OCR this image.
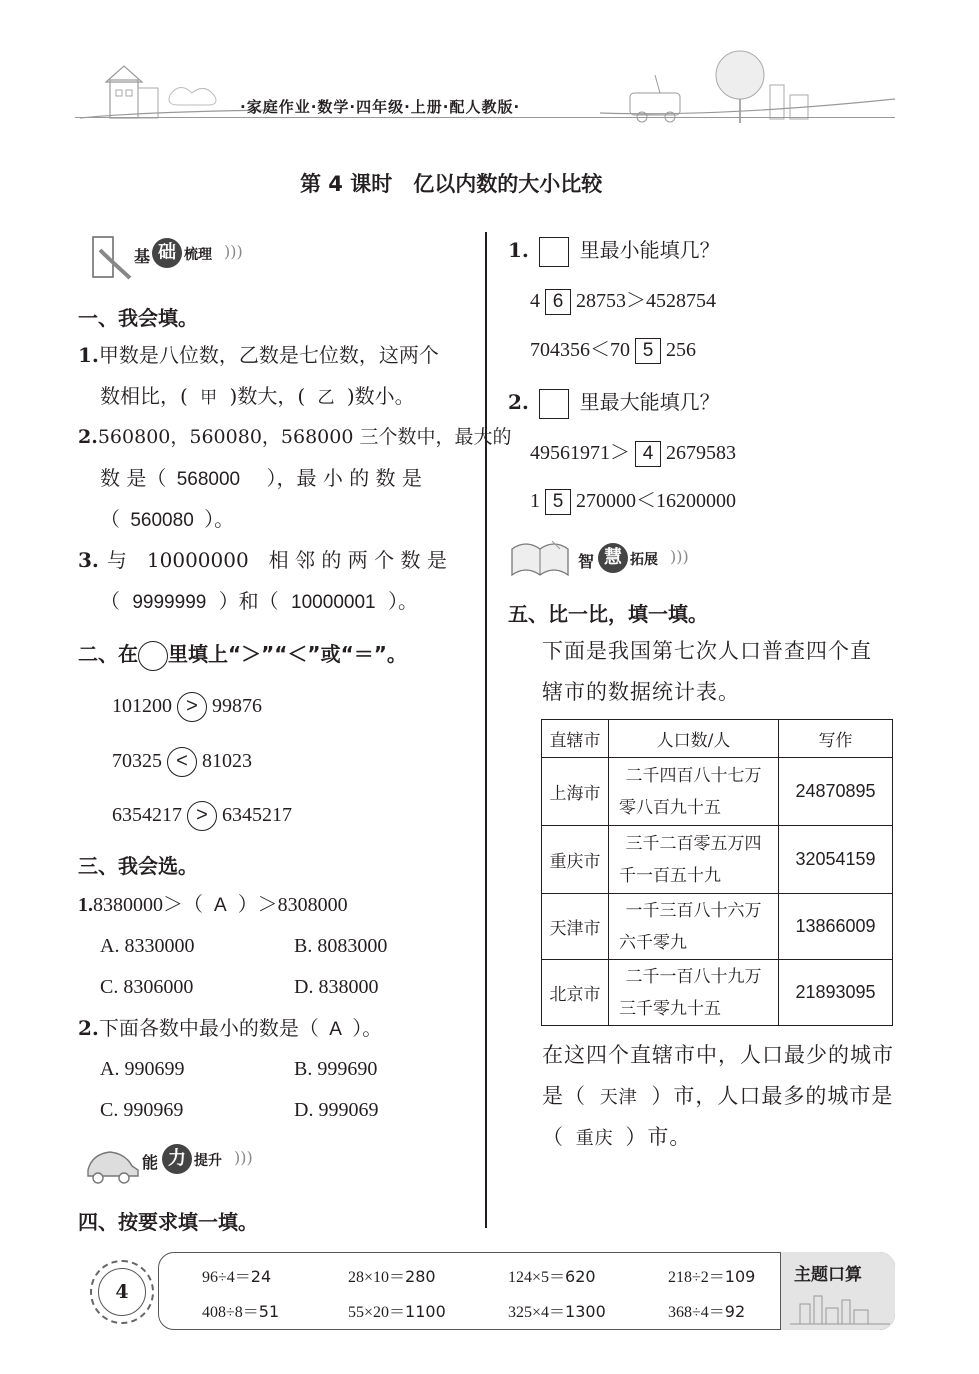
·家庭作业·数学·四年级·上册·配人教版·
第 4 课时　亿以内数的大小比较
基 础 梳理 )))
一、我会填。
1.甲数是八位数，乙数是七位数，这两个
数相比，( 甲 )数大，( 乙 )数小。
2.560800，560080，568000 三个数中，最大的
数 是（ 568000 ），最 小 的 数 是
（ 560080 ）。
3. 与　10000000　相 邻 的 两 个 数 是
（ 9999999 ）和（ 10000001 ）。
二、在 里填上“＞”“＜”或“＝”。
101200 > 99876
70325 < 81023
6354217 > 6345217
三、我会选。
1.8380000＞（ A ）＞8308000
A. 8330000	B. 8083000
C. 8306000	D. 838000
2.下面各数中最小的数是（ A ）。
A. 990699	B. 999690
C. 990969	D. 999069
能 力 提升 )))
四、按要求填一填。
1.	里最小能填几？
4 6 28753＞4528754
704356＜70 5 256
2.	里最大能填几？
49561971＞ 4 2679583
1 5 270000＜16200000
智 慧 拓展 )))
五、比一比，填一填。
下面是我国第七次人口普查四个直
辖市的数据统计表。
直辖市	人口数/人	写作
上海市	二千四百八十七万
零八百九十五	24870895
重庆市	三千二百零五万四
千一百五十九	32054159
天津市	一千三百八十六万
六千零九	13866009
北京市	二千一百八十九万
三千零九十五	21893095
在这四个直辖市中，人口最少的城市
是（ 天津 ）市，人口最多的城市是
（ 重庆 ）市。
4
96÷4＝24	28×10＝280	124×5＝620	218÷2＝109
408÷8＝51	55×20＝1100	325×4＝1300	368÷4＝92
主题口算
